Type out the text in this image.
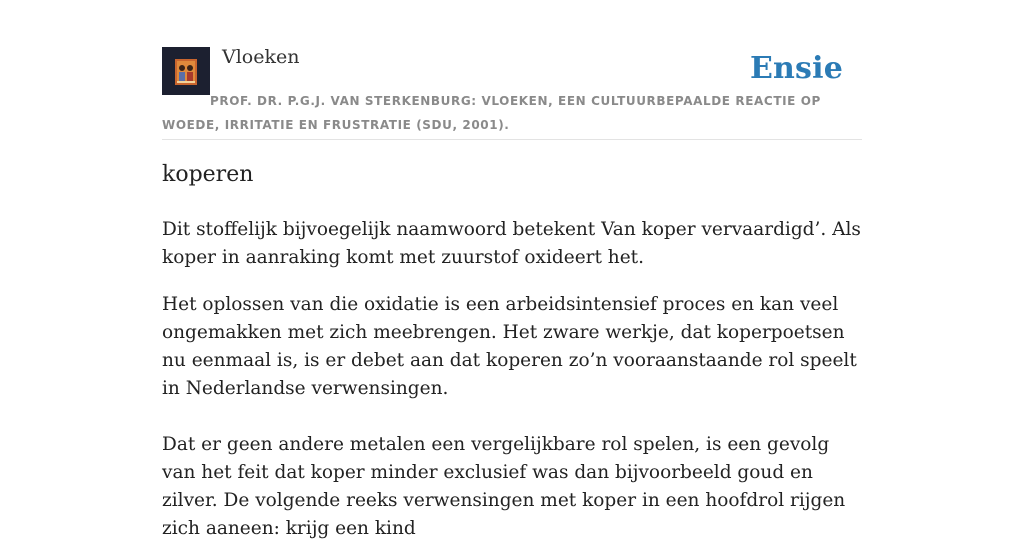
Vloeken	Ensie
PROF. DR. P.G.J. VAN STERKENBURG: VLOEKEN, EEN CULTUURBEPAALDE REACTIE OP WOEDE, IRRITATIE EN FRUSTRATIE (SDU, 2001).
koperen

Dit stoffelijk bijvoegelijk naamwoord betekent Van koper vervaardigd’. Als koper in aanraking komt met zuurstof oxideert het.

Het oplossen van die oxidatie is een arbeidsintensief proces en kan veel ongemakken met zich meebrengen. Het zware werkje, dat koperpoetsen nu eenmaal is, is er debet aan dat koperen zo’n vooraanstaande rol speelt in Nederlandse verwensingen.

Dat er geen andere metalen een vergelijkbare rol spelen, is een gevolg van het feit dat koper minder exclusief was dan bijvoorbeeld goud en zilver. De volgende reeks verwensingen met koper in een hoofdrol rijgen zich aaneen: krijg een kind
